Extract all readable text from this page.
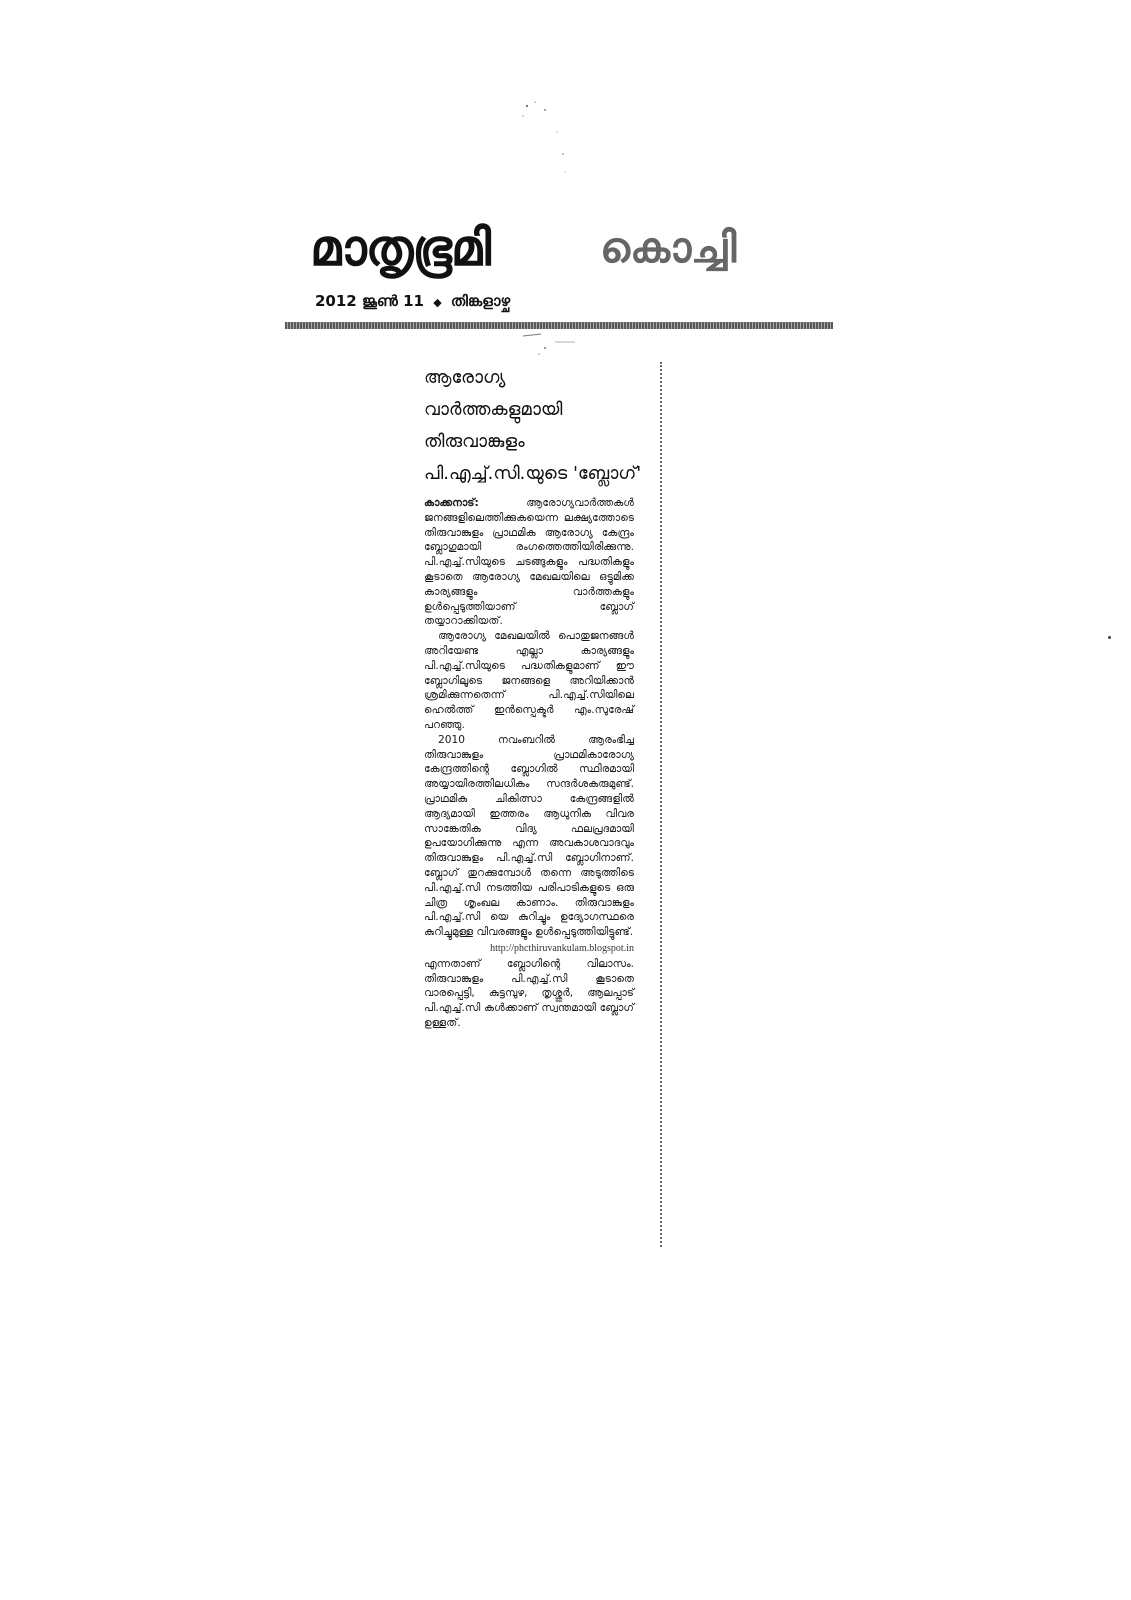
മാതൃഭൂമി	കൊച്ചി
2012 ജൂൺ 11 ◆ തിങ്കളാഴ്ച
ആരോഗ്യ
വാർത്തകളുമായി
തിരുവാങ്കുളം
പി.എച്ച്.സി.യുടെ 'ബ്ലോഗ്'

കാക്കനാട്:	ആരോഗ്യവാർത്തകൾ ജനങ്ങളിലെത്തിക്കുകയെന്ന ലക്ഷ്യത്തോടെ തിരുവാങ്കുളം പ്രാഥമിക ആരോഗ്യ കേന്ദ്രം ബ്ലോഗുമായി രംഗത്തെത്തിയിരിക്കുന്നു. പി.എച്ച്.സിയുടെ ചടങ്ങുകളും പദ്ധതികളും കൂടാതെ ആരോഗ്യ മേഖലയിലെ ഒട്ടുമിക്ക കാര്യങ്ങളും വാർത്തകളും ഉൾപ്പെടുത്തിയാണ് ബ്ലോഗ് തയ്യാറാക്കിയത്.

ആരോഗ്യ മേഖലയിൽ പൊതുജനങ്ങൾ അറിയേണ്ട എല്ലാ കാര്യങ്ങളും പി.എച്ച്.സിയുടെ പദ്ധതികളുമാണ് ഈ ബ്ലോഗിലൂടെ ജനങ്ങളെ അറിയിക്കാൻ ശ്രമിക്കുന്നതെന്ന് പി.എച്ച്.സിയിലെ ഹെൽത്ത് ഇൻസ്പെക്ടർ എം.സുരേഷ് പറഞ്ഞു.

2010 നവംബറിൽ ആരംഭിച്ച തിരുവാങ്കുളം പ്രാഥമികാരോഗ്യ കേന്ദ്രത്തിന്റെ ബ്ലോഗിൽ സ്ഥിരമായി അയ്യായിരത്തിലധികം സന്ദർശകരുമുണ്ട്. പ്രാഥമിക ചികിത്സാ കേന്ദ്രങ്ങളിൽ ആദ്യമായി ഇത്തരം ആധുനിക വിവര സാങ്കേതിക വിദ്യ ഫലപ്രദമായി ഉപയോഗിക്കുന്നു എന്ന അവകാശവാദവും തിരുവാങ്കുളം പി.എച്ച്.സി ബ്ലോഗിനാണ്. ബ്ലോഗ് തുറക്കുമ്പോൾ തന്നെ അടുത്തിടെ പി.എച്ച്.സി നടത്തിയ പരിപാടികളുടെ ഒരു ചിത്ര ശൃംഖല കാണാം. തിരുവാങ്കുളം പി.എച്ച്.സി യെ കുറിച്ചും ഉദ്യോഗസ്ഥരെ കുറിച്ചുമുള്ള വിവരങ്ങളും ഉൾപ്പെടുത്തിയിട്ടുണ്ട്.

http://phcthiruvankulam.blogspot.in

എന്നതാണ് ബ്ലോഗിന്റെ വിലാസം. തിരുവാങ്കുളം പി.എച്ച്.സി കൂടാതെ വാരപ്പെട്ടി, കുട്ടമ്പുഴ, തൃശ്ശൂർ, ആലപ്പാട് പി.എച്ച്.സി കൾക്കാണ് സ്വന്തമായി ബ്ലോഗ് ഉള്ളത്.
